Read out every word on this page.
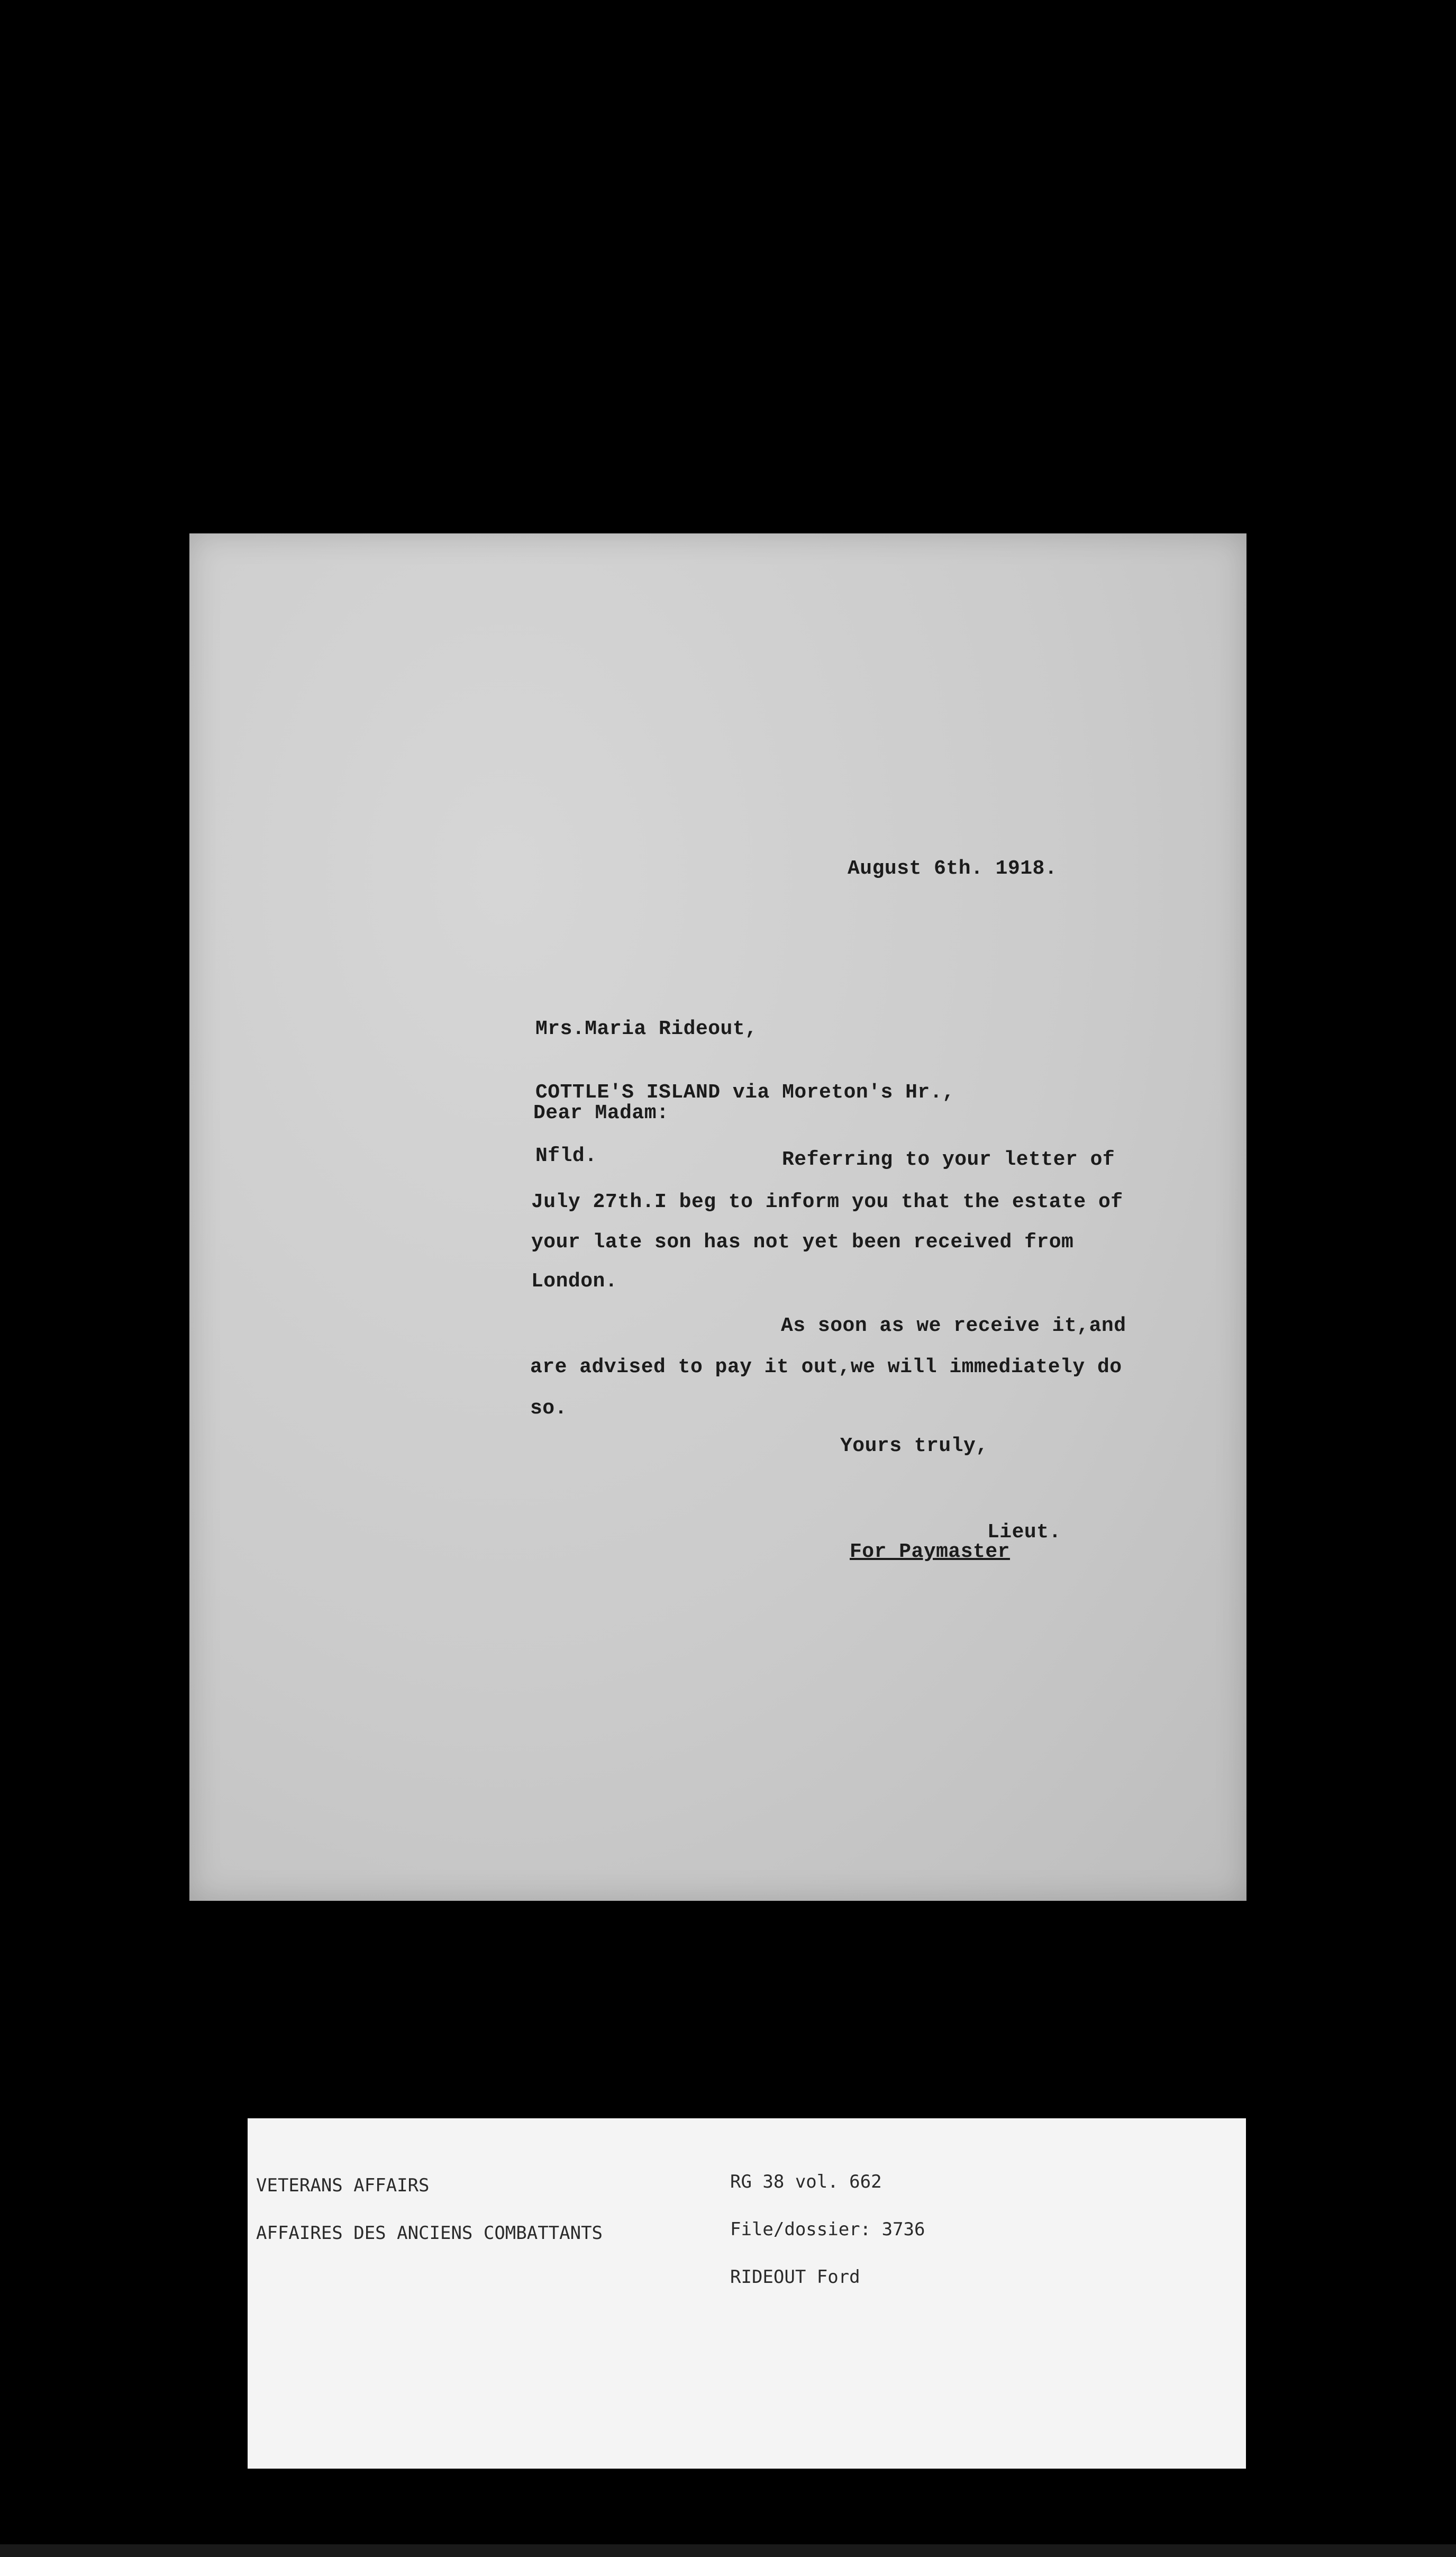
August 6th. 1918.

Mrs.Maria Rideout,

COTTLE'S ISLAND via Moreton's Hr.,

Nfld.

Dear Madam:
Referring to your letter of
July 27th.I beg to inform you that the estate of
your late son has not yet been received from
London.
As soon as we receive it,and
are advised to pay it out,we will immediately do
so.
Yours truly,
Lieut.
For Paymaster

VETERANS AFFAIRS

AFFAIRES DES ANCIENS COMBATTANTS

RG 38 vol. 662

File/dossier: 3736

RIDEOUT Ford
